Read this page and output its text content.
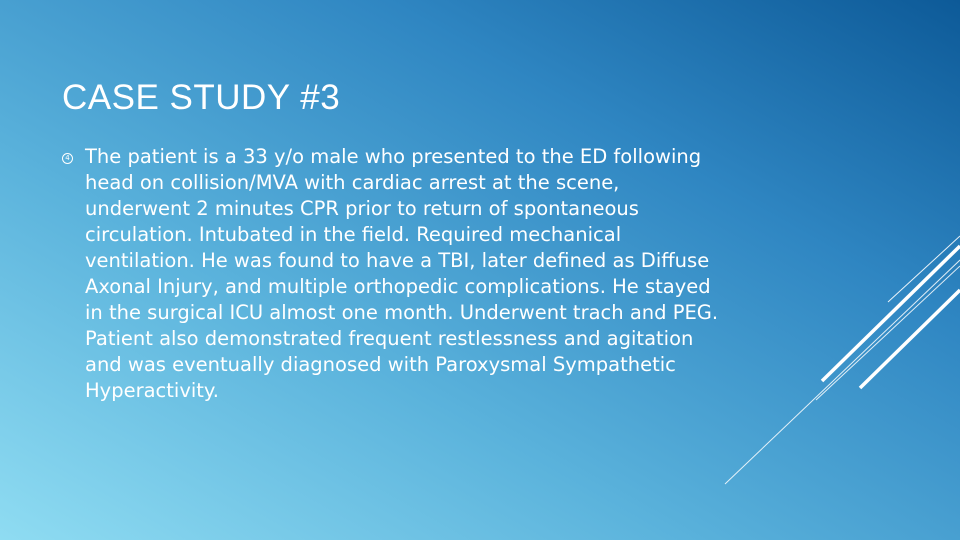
CASE STUDY #3
4 The patient is a 33 y/o male who presented to the ED following head on collision/MVA with cardiac arrest at the scene, underwent 2 minutes CPR prior to return of spontaneous circulation. Intubated in the field. Required mechanical ventilation. He was found to have a TBI, later defined as Diffuse Axonal Injury, and multiple orthopedic complications. He stayed in the surgical ICU almost one month. Underwent trach and PEG. Patient also demonstrated frequent restlessness and agitation and was eventually diagnosed with Paroxysmal Sympathetic Hyperactivity.
